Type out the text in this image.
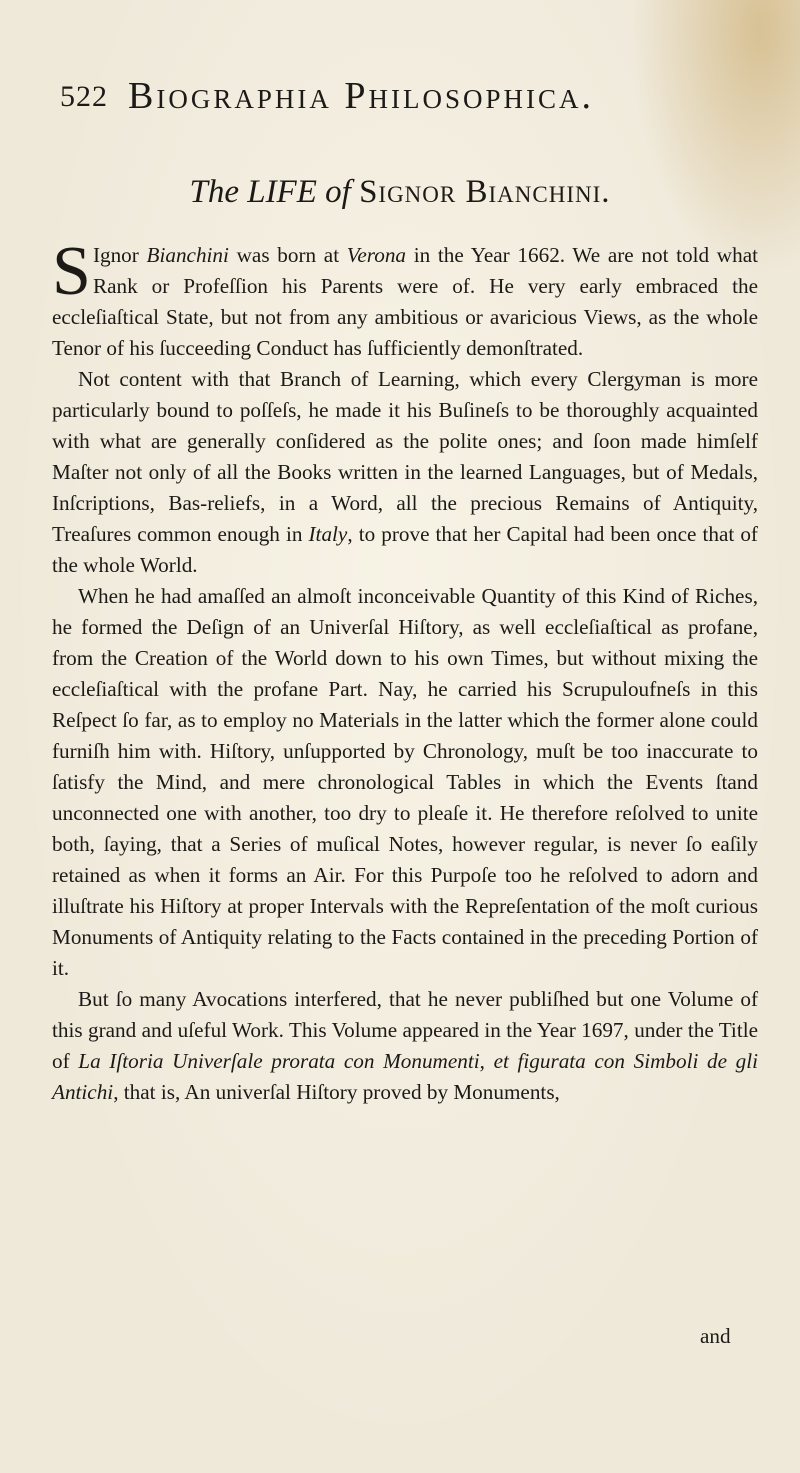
522 Biographia Philosophica.
The LIFE of Signor Bianchini.

S Ignor Bianchini was born at Verona in the Year 1662. We are not told what Rank or Profeſſion his Parents were of. He very early embraced the eccleſiaſtical State, but not from any ambitious or avaricious Views, as the whole Tenor of his ſucceeding Conduct has ſufficiently demonſtrated.

Not content with that Branch of Learning, which every Clergyman is more particularly bound to poſſeſs, he made it his Buſineſs to be thoroughly acquainted with what are generally conſidered as the polite ones; and ſoon made himſelf Maſter not only of all the Books written in the learned Languages, but of Medals, Inſcriptions, Bas-reliefs, in a Word, all the precious Remains of Antiquity, Treaſures common enough in Italy, to prove that her Capital had been once that of the whole World.

When he had amaſſed an almoſt inconceivable Quantity of this Kind of Riches, he formed the Deſign of an Univerſal Hiſtory, as well eccleſiaſtical as profane, from the Creation of the World down to his own Times, but without mixing the eccleſiaſtical with the profane Part. Nay, he carried his Scrupuloufneſs in this Reſpect ſo far, as to employ no Materials in the latter which the former alone could furniſh him with. Hiſtory, unſupported by Chronology, muſt be too inaccurate to ſatisfy the Mind, and mere chronological Tables in which the Events ſtand unconnected one with another, too dry to pleaſe it. He therefore reſolved to unite both, ſaying, that a Series of muſical Notes, however regular, is never ſo eaſily retained as when it forms an Air. For this Purpoſe too he reſolved to adorn and illuſtrate his Hiſtory at proper Intervals with the Repreſentation of the moſt curious Monuments of Antiquity relating to the Facts contained in the preceding Portion of it.

But ſo many Avocations interfered, that he never publiſhed but one Volume of this grand and uſeful Work. This Volume appeared in the Year 1697, under the Title of La Iſtoria Univerſale prorata con Monumenti, et figurata con Simboli de gli Antichi, that is, An univerſal Hiſtory proved by Monuments,

and
